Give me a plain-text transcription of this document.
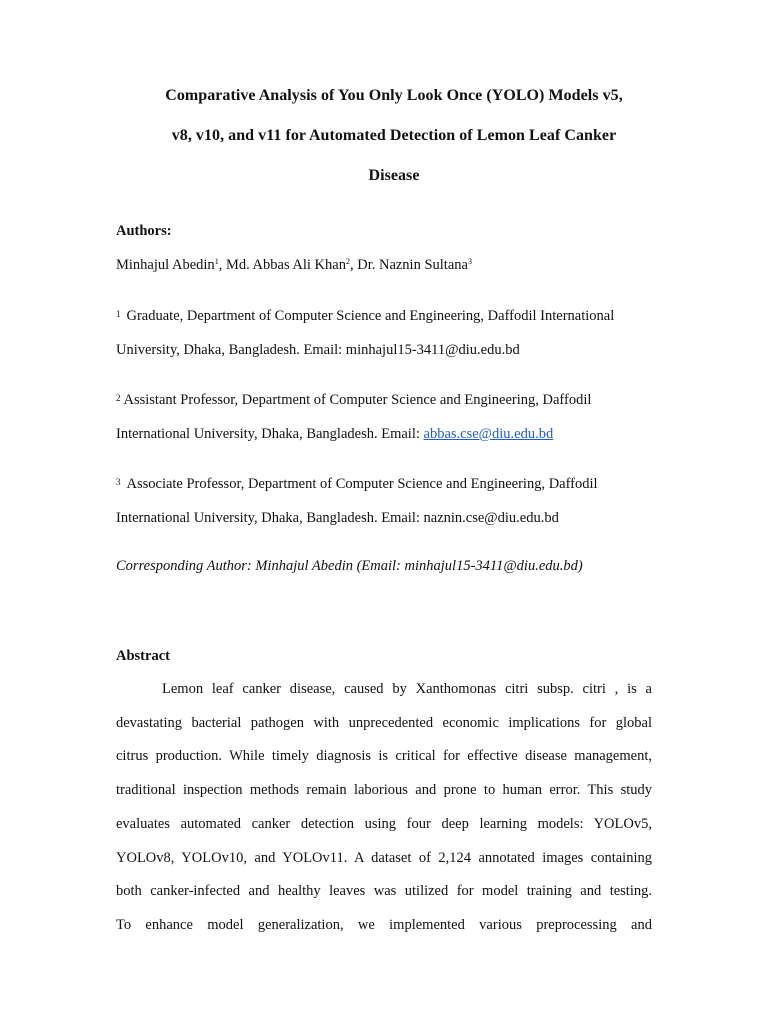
Comparative Analysis of You Only Look Once (YOLO) Models v5,
v8, v10, and v11 for Automated Detection of Lemon Leaf Canker
Disease
Authors:
Minhajul Abedin$^1$, Md. Abbas Ali Khan$^2$, Dr. Naznin Sultana$^3$
$^1$ Graduate, Department of Computer Science and Engineering, Daffodil International
University, Dhaka, Bangladesh. Email: minhajul15-3411@diu.edu.bd
$^2$ Assistant Professor, Department of Computer Science and Engineering, Daffodil
International University, Dhaka, Bangladesh. Email: abbas.cse@diu.edu.bd
$^3$ Associate Professor, Department of Computer Science and Engineering, Daffodil
International University, Dhaka, Bangladesh. Email: naznin.cse@diu.edu.bd
Corresponding Author: Minhajul Abedin (Email: minhajul15-3411@diu.edu.bd)
Abstract
Lemon leaf canker disease, caused by Xanthomonas citri subsp. citri , is a
devastating bacterial pathogen with unprecedented economic implications for global
citrus production. While timely diagnosis is critical for effective disease management,
traditional inspection methods remain laborious and prone to human error. This study
evaluates automated canker detection using four deep learning models: YOLOv5,
YOLOv8, YOLOv10, and YOLOv11. A dataset of 2,124 annotated images containing
both canker-infected and healthy leaves was utilized for model training and testing.
To enhance model generalization, we implemented various preprocessing and
